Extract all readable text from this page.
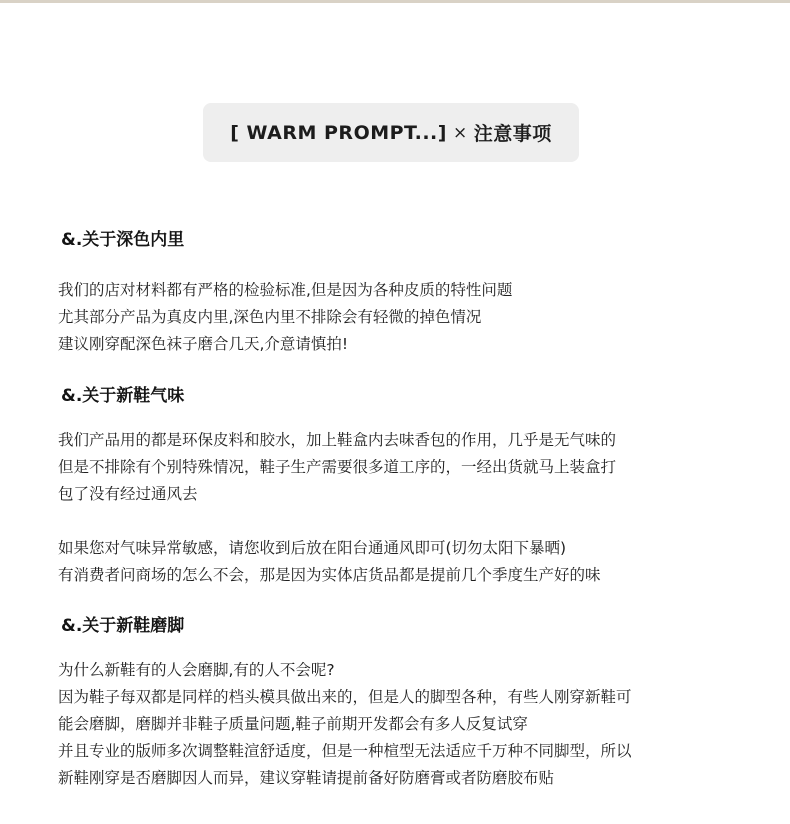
[ WARM PROMPT...] × 注意事项
&.关于深色内里
我们的店对材料都有严格的检验标准,但是因为各种皮质的特性问题
尤其部分产品为真皮内里,深色内里不排除会有轻微的掉色情况
建议刚穿配深色袜子磨合几天,介意请慎拍!
&.关于新鞋气味
我们产品用的都是环保皮料和胶水，加上鞋盒内去味香包的作用，几乎是无气味的
但是不排除有个别特殊情况，鞋子生产需要很多道工序的，一经出货就马上装盒打
包了没有经过通风去
如果您对气味异常敏感，请您收到后放在阳台通通风即可(切勿太阳下暴晒)
有消费者问商场的怎么不会，那是因为实体店货品都是提前几个季度生产好的味
&.关于新鞋磨脚
为什么新鞋有的人会磨脚,有的人不会呢?
因为鞋子每双都是同样的档头模具做出来的，但是人的脚型各种，有些人刚穿新鞋可
能会磨脚，磨脚并非鞋子质量问题,鞋子前期开发都会有多人反复试穿
并且专业的版师多次调整鞋渲舒适度，但是一种楦型无法适应千万种不同脚型，所以
新鞋刚穿是否磨脚因人而异，建议穿鞋请提前备好防磨膏或者防磨胶布贴
